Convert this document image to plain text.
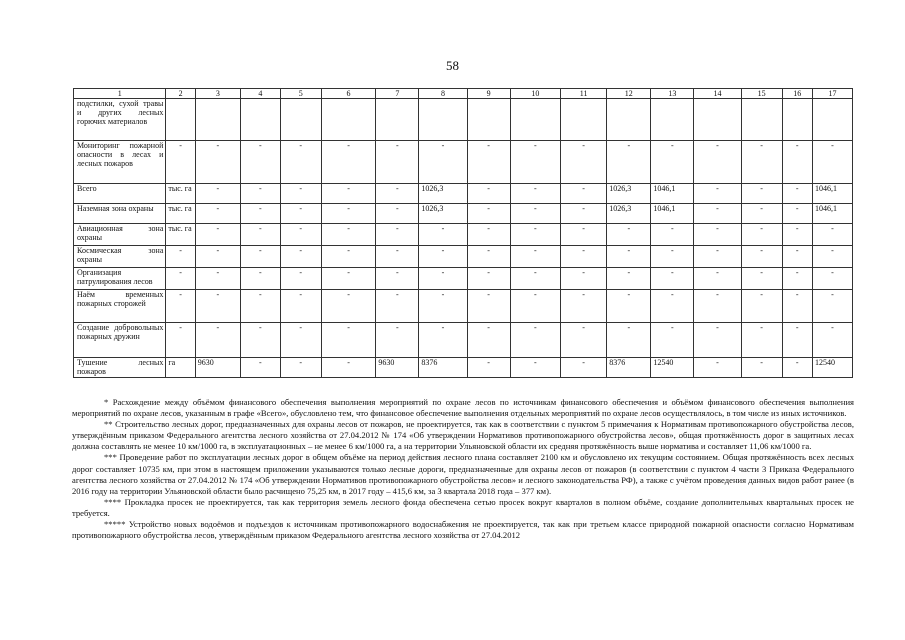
58
1	2	3	4	5	6	7	8	9	10	11	12	13	14	15	16	17
подстилки, сухой травы и других лесных горючих материалов																
Мониторинг пожарной опасности в лесах и лесных пожаров	-	-	-	-	-	-	-	-	-	-	-	-	-	-	-	-
Всего	тыс. га	-	-	-	-	-	1026,3	-	-	-	1026,3	1046,1	-	-	-	1046,1
Наземная зона охраны	тыс. га	-	-	-	-	-	1026,3	-	-	-	1026,3	1046,1	-	-	-	1046,1
Авиационная зона охраны	тыс. га	-	-	-	-	-	-	-	-	-	-	-	-	-	-	-
Космическая зона охраны	-	-	-	-	-	-	-	-	-	-	-	-	-	-	-	-
Организация патрулирования лесов	-	-	-	-	-	-	-	-	-	-	-	-	-	-	-	-
Наём временных пожарных сторожей	-	-	-	-	-	-	-	-	-	-	-	-	-	-	-	-
Создание добровольных пожарных дружин	-	-	-	-	-	-	-	-	-	-	-	-	-	-	-	-
Тушение лесных пожаров	га	9630	-	-	-	9630	8376	-	-	-	8376	12540	-	-	-	12540

* Расхождение между объёмом финансового обеспечения выполнения мероприятий по охране лесов по источникам финансового обеспечения и объёмом финансового обеспечения выполнения мероприятий по охране лесов, указанным в графе «Всего», обусловлено тем, что финансовое обеспечение выполнения отдельных мероприятий по охране лесов осуществлялось, в том числе из иных источников.

** Строительство лесных дорог, предназначенных для охраны лесов от пожаров, не проектируется, так как в соответствии с пунктом 5 примечания к Нормативам противопожарного обустройства лесов, утверждённым приказом Федерального агентства лесного хозяйства от 27.04.2012 № 174 «Об утверждении Нормативов противопожарного обустройства лесов», общая протяжённость дорог в защитных лесах должна составлять не менее 10 км/1000 га, в эксплуатационных – не менее 6 км/1000 га, а на территории Ульяновской области их средняя протяжённость выше норматива и составляет 11,06 км/1000 га.

*** Проведение работ по эксплуатации лесных дорог в общем объёме на период действия лесного плана составляет 2100 км и обусловлено их текущим состоянием. Общая протяжённость всех лесных дорог составляет 10735 км, при этом в настоящем приложении указываются только лесные дороги, предназначенные для охраны лесов от пожаров (в соответствии с пунктом 4 части 3 Приказа Федерального агентства лесного хозяйства от 27.04.2012 № 174 «Об утверждении Нормативов противопожарного обустройства лесов» и лесного законодательства РФ), а также с учётом проведения данных видов работ ранее (в 2016 году на территории Ульяновской области было расчищено 75,25 км, в 2017 году – 415,6 км, за 3 квартала 2018 года – 377 км).

**** Прокладка просек не проектируется, так как территория земель лесного фонда обеспечена сетью просек вокруг кварталов в полном объёме, создание дополнительных квартальных просек не требуется.

***** Устройство новых водоёмов и подъездов к источникам противопожарного водоснабжения не проектируется, так как при третьем классе природной пожарной опасности согласно Нормативам противопожарного обустройства лесов, утверждённым приказом Федерального агентства лесного хозяйства от 27.04.2012
